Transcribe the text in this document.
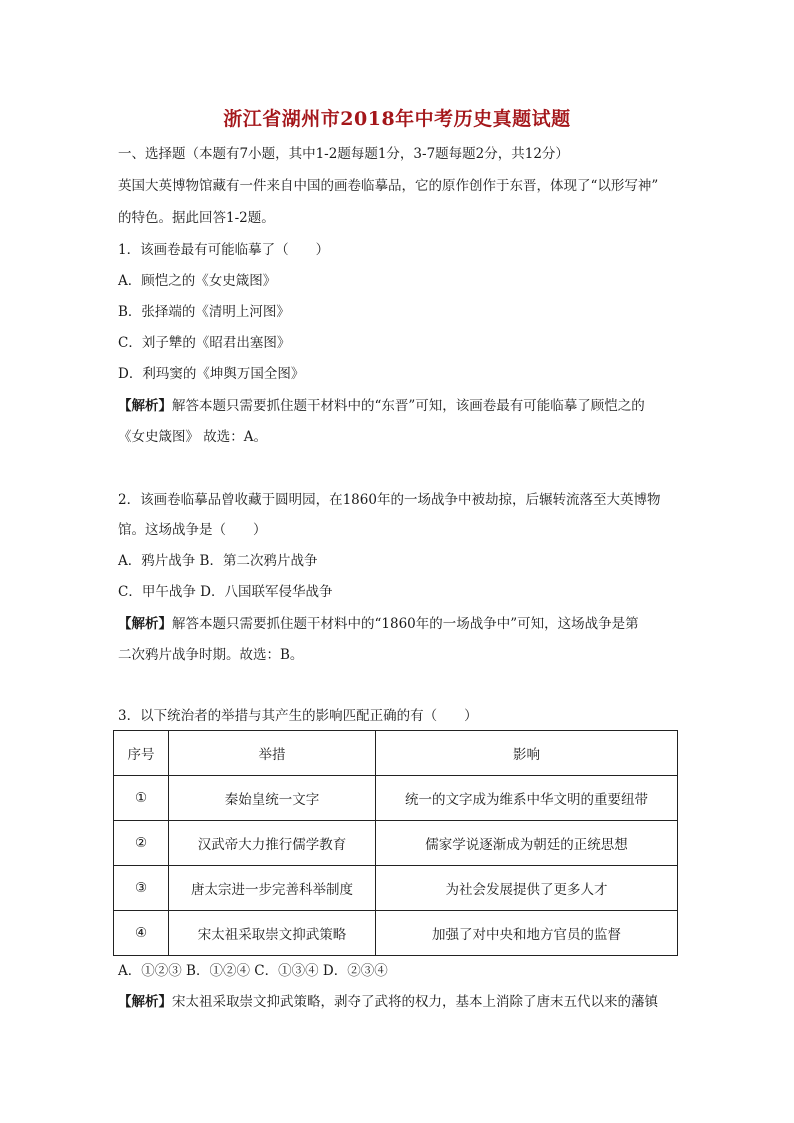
浙江省湖州市2018年中考历史真题试题
一、选择题（本题有7小题，其中1-2题每题1分，3-7题每题2分，共12分）
英国大英博物馆藏有一件来自中国的画卷临摹品，它的原作创作于东晋，体现了“以形写神”
的特色。据此回答1-2题。
1．该画卷最有可能临摹了（　　）
A．顾恺之的《女史箴图》
B．张择端的《清明上河图》
C．刘子犨的《昭君出塞图》
D．利玛窦的《坤舆万国全图》
【解析】解答本题只需要抓住题干材料中的“东晋”可知，该画卷最有可能临摹了顾恺之的
《女史箴图》 故选：A。
2．该画卷临摹品曾收藏于圆明园，在1860年的一场战争中被劫掠，后辗转流落至大英博物
馆。这场战争是（　　）
A．鸦片战争 B．第二次鸦片战争
C．甲午战争 D．八国联军侵华战争
【解析】解答本题只需要抓住题干材料中的“1860年的一场战争中”可知，这场战争是第
二次鸦片战争时期。故选：B。
3．以下统治者的举措与其产生的影响匹配正确的有（　　）
序号	举措	影响
①	秦始皇统一文字	统一的文字成为维系中华文明的重要纽带
②	汉武帝大力推行儒学教育	儒家学说逐渐成为朝廷的正统思想
③	唐太宗进一步完善科举制度	为社会发展提供了更多人才
④	宋太祖采取崇文抑武策略	加强了对中央和地方官员的监督
A．①②③ B．①②④ C．①③④ D．②③④
【解析】宋太祖采取崇文抑武策略，剥夺了武将的权力，基本上消除了唐末五代以来的藩镇
